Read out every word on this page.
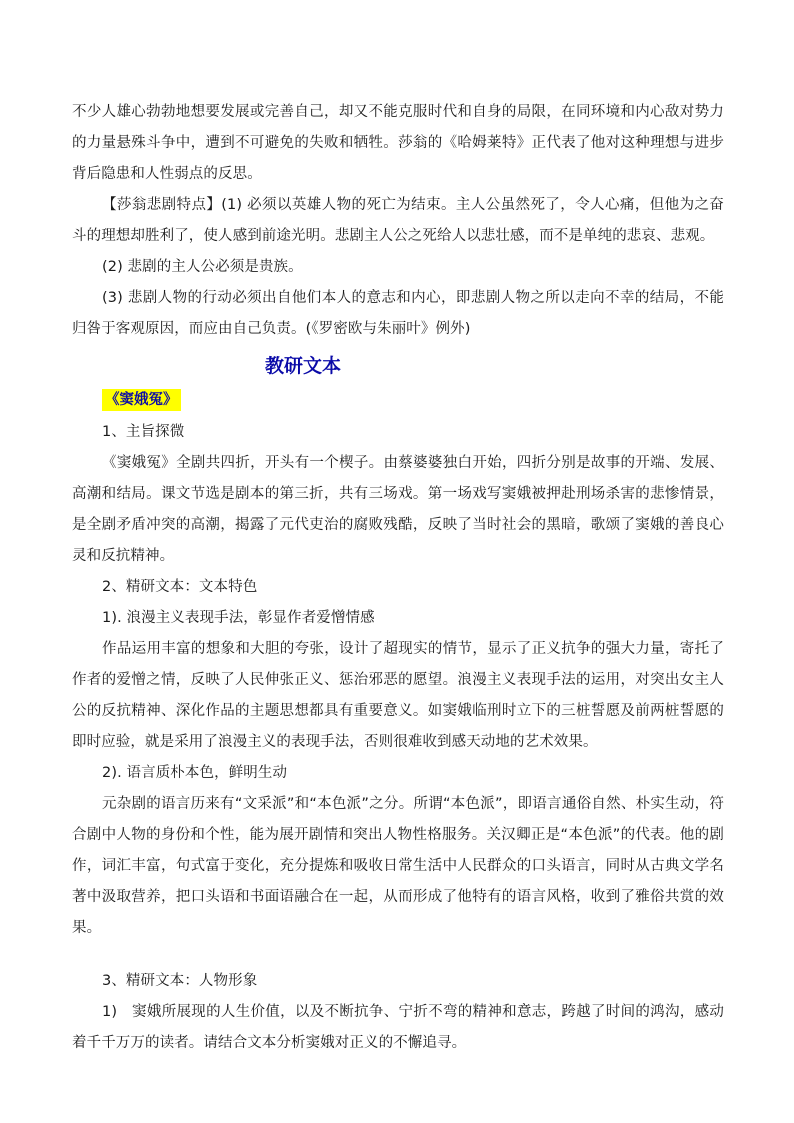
不少人雄心勃勃地想要发展或完善自己，却又不能克服时代和自身的局限，在同环境和内心敌对势力的力量悬殊斗争中，遭到不可避免的失败和牺牲。莎翁的《哈姆莱特》正代表了他对这种理想与进步背后隐患和人性弱点的反思。

【莎翁悲剧特点】(1) 必须以英雄人物的死亡为结束。主人公虽然死了，令人心痛，但他为之奋斗的理想却胜利了，使人感到前途光明。悲剧主人公之死给人以悲壮感，而不是单纯的悲哀、悲观。

(2) 悲剧的主人公必须是贵族。

(3) 悲剧人物的行动必须出自他们本人的意志和内心，即悲剧人物之所以走向不幸的结局，不能归咎于客观原因，而应由自己负责。(《罗密欧与朱丽叶》例外)

教研文本
《窦娥冤》

1、主旨探微

《窦娥冤》全剧共四折，开头有一个楔子。由蔡婆婆独白开始，四折分别是故事的开端、发展、高潮和结局。课文节选是剧本的第三折，共有三场戏。第一场戏写窦娥被押赴刑场杀害的悲惨情景，是全剧矛盾冲突的高潮，揭露了元代吏治的腐败残酷，反映了当时社会的黑暗，歌颂了窦娥的善良心灵和反抗精神。

2、精研文本：文本特色

1). 浪漫主义表现手法，彰显作者爱憎情感

作品运用丰富的想象和大胆的夸张，设计了超现实的情节，显示了正义抗争的强大力量，寄托了作者的爱憎之情，反映了人民伸张正义、惩治邪恶的愿望。浪漫主义表现手法的运用，对突出女主人公的反抗精神、深化作品的主题思想都具有重要意义。如窦娥临刑时立下的三桩誓愿及前两桩誓愿的即时应验，就是采用了浪漫主义的表现手法，否则很难收到感天动地的艺术效果。

2). 语言质朴本色，鲜明生动

元杂剧的语言历来有“文采派”和“本色派”之分。所谓“本色派”，即语言通俗自然、朴实生动，符合剧中人物的身份和个性，能为展开剧情和突出人物性格服务。关汉卿正是“本色派”的代表。他的剧作，词汇丰富，句式富于变化，充分提炼和吸收日常生活中人民群众的口头语言，同时从古典文学名著中汲取营养，把口头语和书面语融合在一起，从而形成了他特有的语言风格，收到了雅俗共赏的效果。

3、精研文本：人物形象

1)　窦娥所展现的人生价值，以及不断抗争、宁折不弯的精神和意志，跨越了时间的鸿沟，感动着千千万万的读者。请结合文本分析窦娥对正义的不懈追寻。
